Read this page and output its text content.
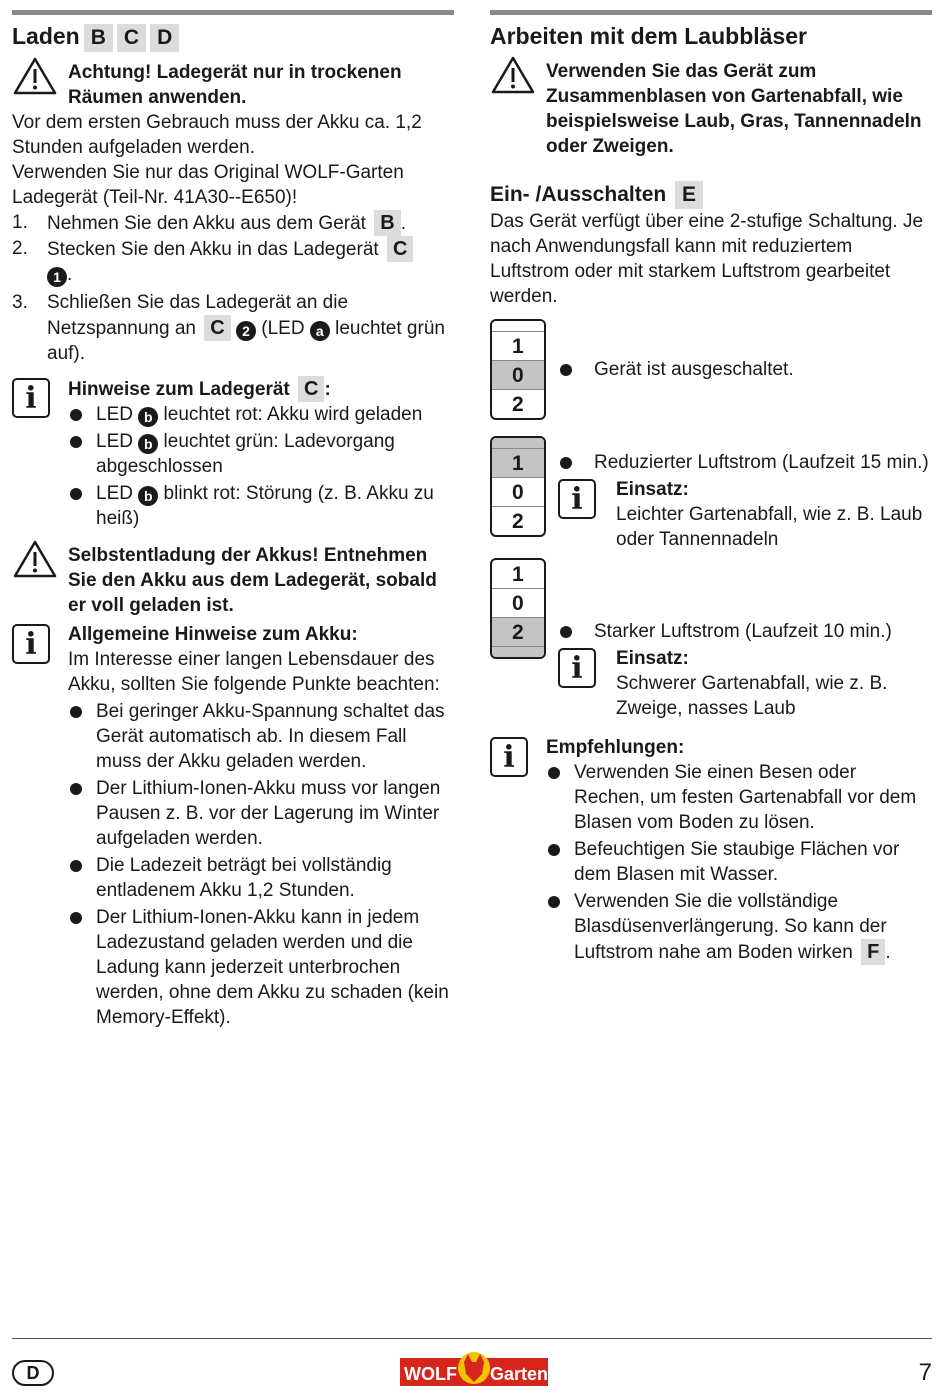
Laden B C D
Achtung! Ladegerät nur in trockenen Räumen anwenden.

Vor dem ersten Gebrauch muss der Akku ca. 1,2 Stunden aufgeladen werden.

Verwenden Sie nur das Original WOLF-Garten Ladegerät (Teil-Nr. 41A30--E650)!

1.	Nehmen Sie den Akku aus dem Gerät B .
2.	Stecken Sie den Akku in das Ladegerät C
1 .
3.	Schließen Sie das Ladegerät an die Netzspannung an C 2 (LED a leuchtet grün auf).
i	Hinweise zum Ladegerät C :
LED b leuchtet rot: Akku wird geladen
LED b leuchtet grün: Ladevorgang abgeschlossen
LED b blinkt rot: Störung (z. B. Akku zu heiß)
Selbstentladung der Akkus! Entnehmen Sie den Akku aus dem Ladegerät, sobald er voll geladen ist.
i	Allgemeine Hinweise zum Akku:

Im Interesse einer langen Lebensdauer des Akku, sollten Sie folgende Punkte beachten:

Bei geringer Akku-Spannung schaltet das Gerät automatisch ab. In diesem Fall muss der Akku geladen werden.
Der Lithium-Ionen-Akku muss vor langen Pausen z. B. vor der Lagerung im Winter aufgeladen werden.
Die Ladezeit beträgt bei vollständig entladenem Akku 1,2 Stunden.
Der Lithium-Ionen-Akku kann in jedem Ladezustand geladen werden und die Ladung kann jederzeit unterbrochen werden, ohne dem Akku zu schaden (kein Memory-Effekt).
Arbeiten mit dem Laubbläser
Verwenden Sie das Gerät zum Zusammenblasen von Gartenabfall, wie beispielsweise Laub, Gras, Tannennadeln oder Zweigen.
Ein- /Ausschalten E

Das Gerät verfügt über eine 2-stufige Schaltung. Je nach Anwendungsfall kann mit reduziertem Luftstrom oder mit starkem Luftstrom gearbeitet werden.

1
0
2
Gerät ist ausgeschaltet.
1
0
2
Reduzierter Luftstrom (Laufzeit 15 min.)
i	Einsatz:
Leichter Gartenabfall, wie z. B. Laub oder Tannennadeln
1
0
2	Starker Luftstrom (Laufzeit 10 min.)
i	Einsatz:
Schwerer Gartenabfall, wie z. B. Zweige, nasses Laub
i	Empfehlungen:
Verwenden Sie einen Besen oder Rechen, um festen Gartenabfall vor dem Blasen vom Boden zu lösen.
Befeuchtigen Sie staubige Flächen vor dem Blasen mit Wasser.
Verwenden Sie die vollständige Blasdüsenverlängerung. So kann der Luftstrom nahe am Boden wirken F .
D	WOLF Garten	7
